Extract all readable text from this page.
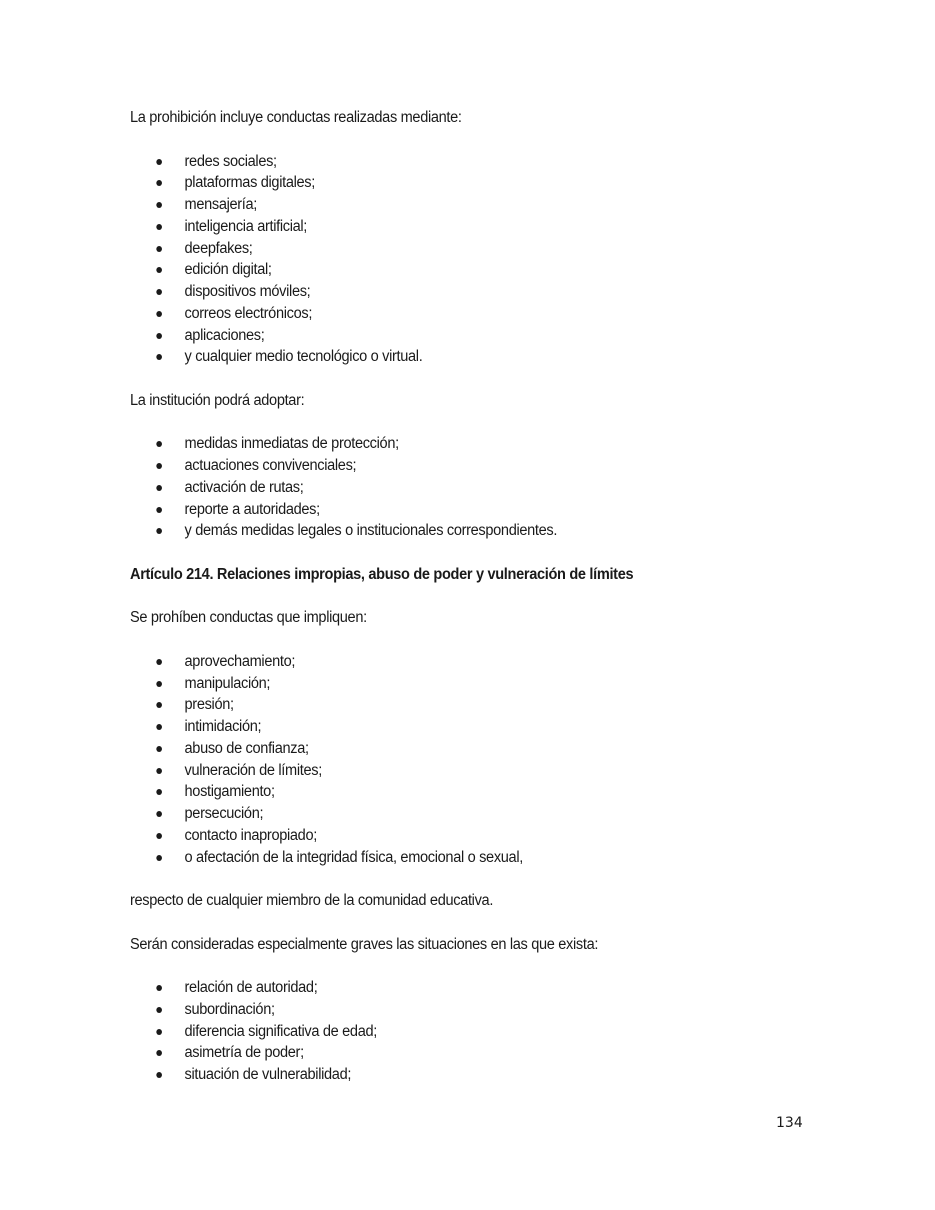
La prohibición incluye conductas realizadas mediante:

redes sociales;
plataformas digitales;
mensajería;
inteligencia artificial;
deepfakes;
edición digital;
dispositivos móviles;
correos electrónicos;
aplicaciones;
y cualquier medio tecnológico o virtual.

La institución podrá adoptar:

medidas inmediatas de protección;
actuaciones convivenciales;
activación de rutas;
reporte a autoridades;
y demás medidas legales o institucionales correspondientes.

Artículo 214. Relaciones impropias, abuso de poder y vulneración de límites

Se prohíben conductas que impliquen:

aprovechamiento;
manipulación;
presión;
intimidación;
abuso de confianza;
vulneración de límites;
hostigamiento;
persecución;
contacto inapropiado;
o afectación de la integridad física, emocional o sexual,

respecto de cualquier miembro de la comunidad educativa.

Serán consideradas especialmente graves las situaciones en las que exista:

relación de autoridad;
subordinación;
diferencia significativa de edad;
asimetría de poder;
situación de vulnerabilidad;
134
